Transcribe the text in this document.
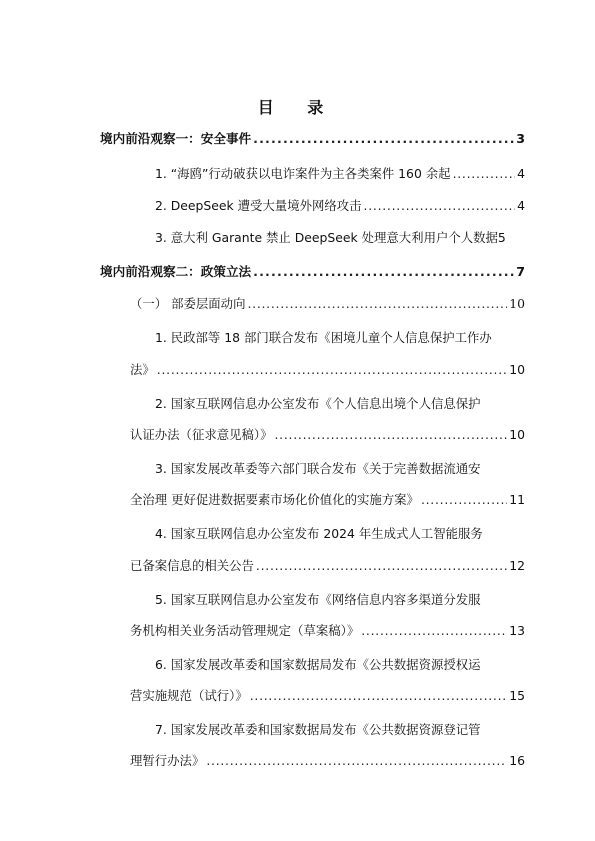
目 录
境内前沿观察一：安全事件 . . .	3
1. “海鸥”行动破获以电诈案件为主各类案件 160 余起 . . .	4
2. DeepSeek 遭受大量境外网络攻击 . . .	4
3. 意大利 Garante 禁止 DeepSeek 处理意大利用户个人数据 5
境内前沿观察二：政策立法 . . .	7
（一） 部委层面动向 . . .	10
1. 民政部等 18 部门联合发布《困境儿童个人信息保护工作办
法》 . . .	10
2. 国家互联网信息办公室发布《个人信息出境个人信息保护
认证办法（征求意见稿）》 . . .	10
3. 国家发展改革委等六部门联合发布《关于完善数据流通安
全治理 更好促进数据要素市场化价值化的实施方案》 . . .	11
4. 国家互联网信息办公室发布 2024 年生成式人工智能服务
已备案信息的相关公告 . . .	12
5. 国家互联网信息办公室发布《网络信息内容多渠道分发服
务机构相关业务活动管理规定（草案稿）》 . . .	13
6. 国家发展改革委和国家数据局发布《公共数据资源授权运
营实施规范（试行）》 . . .	15
7. 国家发展改革委和国家数据局发布《公共数据资源登记管
理暂行办法》 . . .	16
